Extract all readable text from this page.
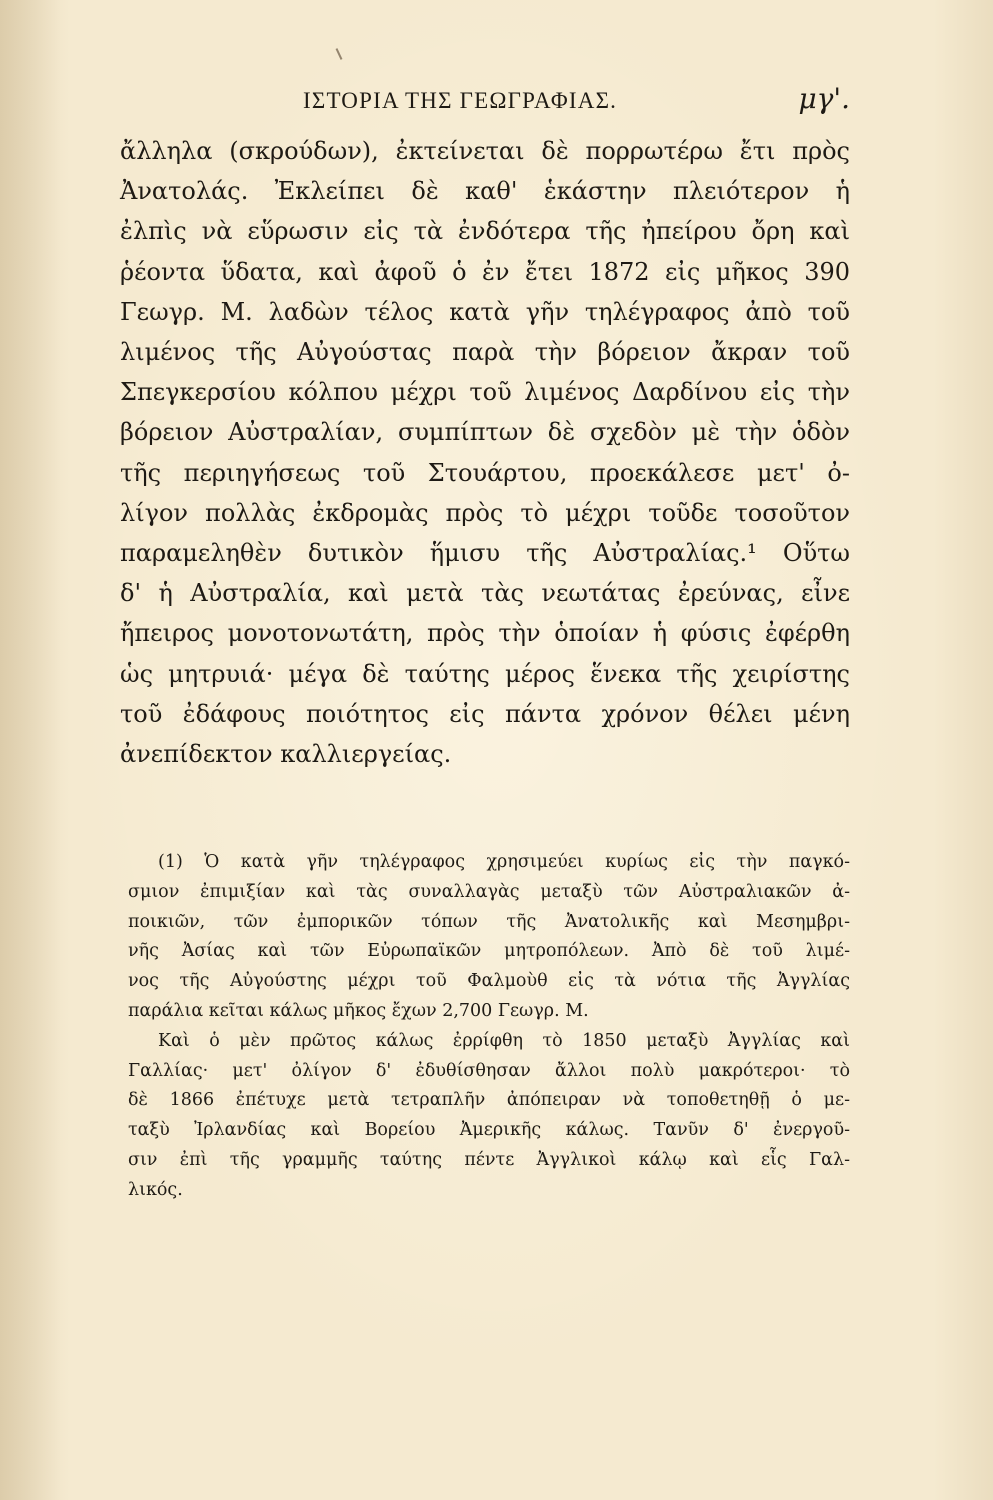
ΙΣΤΟΡΙΑ ΤΗΣ ΓΕΩΓΡΑΦΙΑΣ.	μγ'.
ἄλληλα (σκρούδων), ἐκτείνεται δὲ πορρωτέρω ἔτι πρὸς
Ἀνατολάς. Ἐκλείπει δὲ καθ' ἑκάστην πλειότερον ἡ
ἐλπὶς νὰ εὕρωσιν εἰς τὰ ἐνδότερα τῆς ἠπείρου ὄρη καὶ
ῥέοντα ὕδατα, καὶ ἀφοῦ ὁ ἐν ἔτει 1872 εἰς μῆκος 390
Γεωγρ. Μ. λαδὼν τέλος κατὰ γῆν τηλέγραφος ἀπὸ τοῦ
λιμένος τῆς Αὐγούστας παρὰ τὴν βόρειον ἄκραν τοῦ
Σπεγκερσίου κόλπου μέχρι τοῦ λιμένος Δαρδίνου εἰς τὴν
βόρειον Αὐστραλίαν, συμπίπτων δὲ σχεδὸν μὲ τὴν ὁδὸν
τῆς περιηγήσεως τοῦ Στουάρτου, προεκάλεσε μετ' ὀ-
λίγον πολλὰς ἐκδρομὰς πρὸς τὸ μέχρι τοῦδε τοσοῦτον
παραμεληθὲν δυτικὸν ἥμισυ τῆς Αὐστραλίας.¹ Οὕτω
δ' ἡ Αὐστραλία, καὶ μετὰ τὰς νεωτάτας ἐρεύνας, εἶνε
ἤπειρος μονοτονωτάτη, πρὸς τὴν ὁποίαν ἡ φύσις ἐφέρθη
ὡς μητρυιά· μέγα δὲ ταύτης μέρος ἕνεκα τῆς χειρίστης
τοῦ ἐδάφους ποιότητος εἰς πάντα χρόνον θέλει μένη
ἀνεπίδεκτον καλλιεργείας.
(1) Ὁ κατὰ γῆν τηλέγραφος χρησιμεύει κυρίως εἰς τὴν παγκό-
σμιον ἐπιμιξίαν καὶ τὰς συναλλαγὰς μεταξὺ τῶν Αὐστραλιακῶν ἀ-
ποικιῶν, τῶν ἐμπορικῶν τόπων τῆς Ἀνατολικῆς καὶ Μεσημβρι-
νῆς Ἀσίας καὶ τῶν Εὐρωπαϊκῶν μητροπόλεων. Ἀπὸ δὲ τοῦ λιμέ-
νος τῆς Αὐγούστης μέχρι τοῦ Φαλμοὺθ εἰς τὰ νότια τῆς Ἀγγλίας
παράλια κεῖται κάλως μῆκος ἔχων 2,700 Γεωγρ. Μ.
Καὶ ὁ μὲν πρῶτος κάλως ἐρρίφθη τὸ 1850 μεταξὺ Ἀγγλίας καὶ
Γαλλίας· μετ' ὀλίγον δ' ἐδυθίσθησαν ἄλλοι πολὺ μακρότεροι· τὸ
δὲ 1866 ἐπέτυχε μετὰ τετραπλῆν ἀπόπειραν νὰ τοποθετηθῇ ὁ με-
ταξὺ Ἰρλανδίας καὶ Βορείου Ἀμερικῆς κάλως. Τανῦν δ' ἐνεργοῦ-
σιν ἐπὶ τῆς γραμμῆς ταύτης πέντε Ἀγγλικοὶ κάλῳ καὶ εἷς Γαλ-
λικός.
